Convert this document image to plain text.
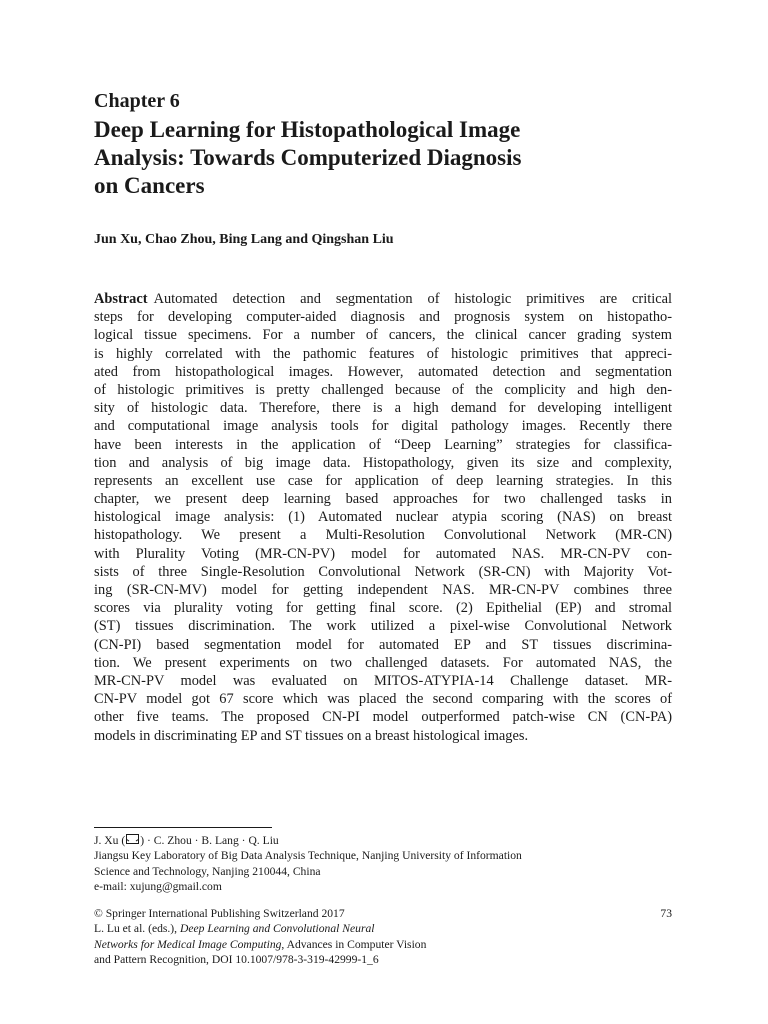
Chapter 6
Deep Learning for Histopathological Image
Analysis: Towards Computerized Diagnosis
on Cancers
Jun Xu, Chao Zhou, Bing Lang and Qingshan Liu
Abstract Automated detection and segmentation of histologic primitives are critical
steps for developing computer-aided diagnosis and prognosis system on histopatho-
logical tissue specimens. For a number of cancers, the clinical cancer grading system
is highly correlated with the pathomic features of histologic primitives that appreci-
ated from histopathological images. However, automated detection and segmentation
of histologic primitives is pretty challenged because of the complicity and high den-
sity of histologic data. Therefore, there is a high demand for developing intelligent
and computational image analysis tools for digital pathology images. Recently there
have been interests in the application of “Deep Learning” strategies for classifica-
tion and analysis of big image data. Histopathology, given its size and complexity,
represents an excellent use case for application of deep learning strategies. In this
chapter, we present deep learning based approaches for two challenged tasks in
histological image analysis: (1) Automated nuclear atypia scoring (NAS) on breast
histopathology. We present a Multi-Resolution Convolutional Network (MR-CN)
with Plurality Voting (MR-CN-PV) model for automated NAS. MR-CN-PV con-
sists of three Single-Resolution Convolutional Network (SR-CN) with Majority Vot-
ing (SR-CN-MV) model for getting independent NAS. MR-CN-PV combines three
scores via plurality voting for getting final score. (2) Epithelial (EP) and stromal
(ST) tissues discrimination. The work utilized a pixel-wise Convolutional Network
(CN-PI) based segmentation model for automated EP and ST tissues discrimina-
tion. We present experiments on two challenged datasets. For automated NAS, the
MR-CN-PV model was evaluated on MITOS-ATYPIA-14 Challenge dataset. MR-
CN-PV model got 67 score which was placed the second comparing with the scores of
other five teams. The proposed CN-PI model outperformed patch-wise CN (CN-PA)
models in discriminating EP and ST tissues on a breast histological images.
J. Xu ( ) · C. Zhou · B. Lang · Q. Liu
Jiangsu Key Laboratory of Big Data Analysis Technique, Nanjing University of Information
Science and Technology, Nanjing 210044, China
e-mail: xujung@gmail.com
© Springer International Publishing Switzerland 2017	73
L. Lu et al. (eds.), Deep Learning and Convolutional Neural
Networks for Medical Image Computing, Advances in Computer Vision
and Pattern Recognition, DOI 10.1007/978-3-319-42999-1_6
